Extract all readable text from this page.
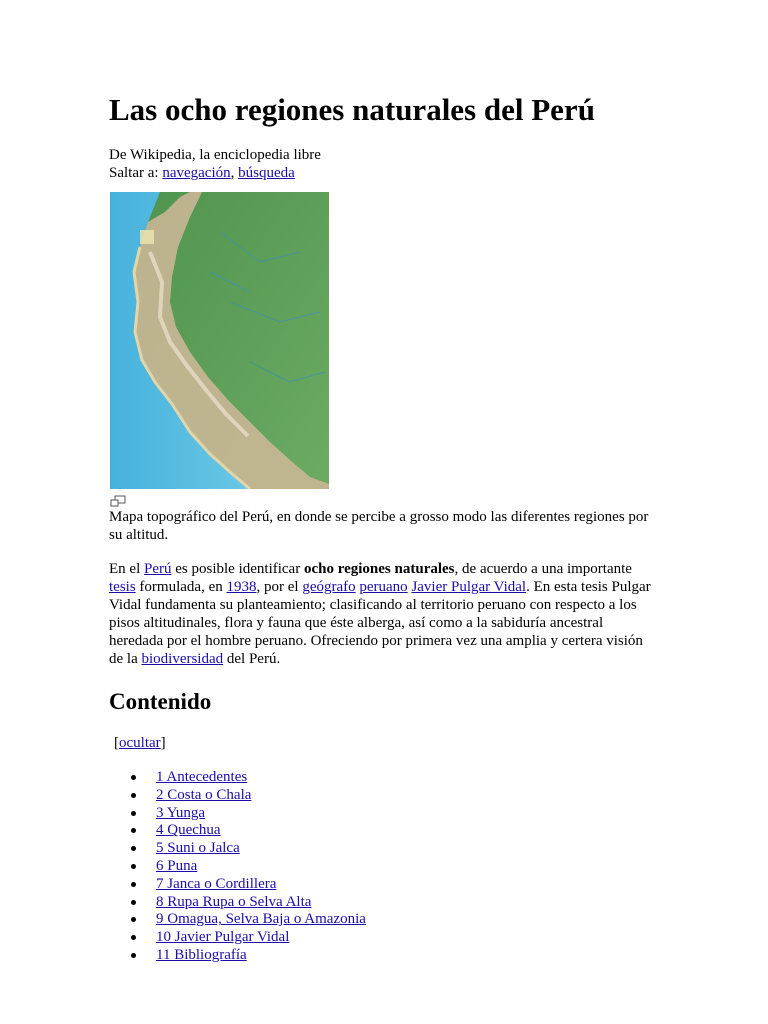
Las ocho regiones naturales del Perú
De Wikipedia, la enciclopedia libre
Saltar a: navegación, búsqueda
Mapa topográfico del Perú, en donde se percibe a grosso modo las diferentes regiones por su altitud.
En el Perú es posible identificar ocho regiones naturales, de acuerdo a una importante tesis formulada, en 1938, por el geógrafo peruano Javier Pulgar Vidal. En esta tesis Pulgar Vidal fundamenta su planteamiento; clasificando al territorio peruano con respecto a los pisos altitudinales, flora y fauna que éste alberga, así como a la sabiduría ancestral heredada por el hombre peruano. Ofreciendo por primera vez una amplia y certera visión de la biodiversidad del Perú.
Contenido
[ocultar]
1 Antecedentes
2 Costa o Chala
3 Yunga
4 Quechua
5 Suni o Jalca
6 Puna
7 Janca o Cordillera
8 Rupa Rupa o Selva Alta
9 Omagua, Selva Baja o Amazonia
10 Javier Pulgar Vidal
11 Bibliografía
